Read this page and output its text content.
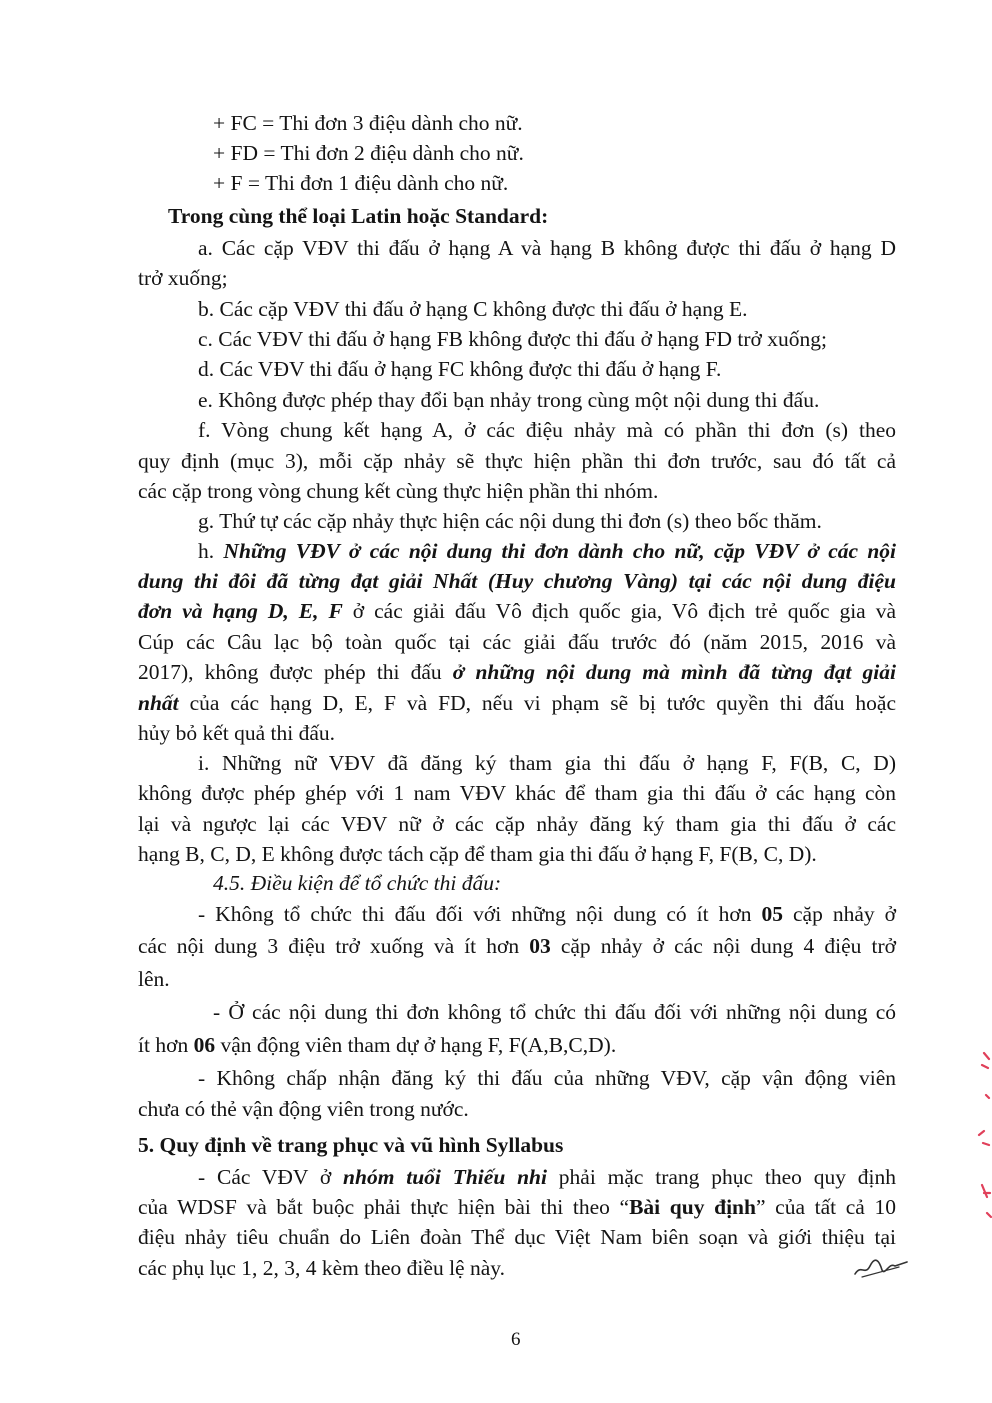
+ FC = Thi đơn 3 điệu dành cho nữ.

+ FD = Thi đơn 2 điệu dành cho nữ.

+ F = Thi đơn 1 điệu dành cho nữ.

Trong cùng thể loại Latin hoặc Standard:

a. Các cặp VĐV thi đấu ở hạng A và hạng B không được thi đấu ở hạng D

trở xuống;

b. Các cặp VĐV thi đấu ở hạng C không được thi đấu ở hạng E.

c. Các VĐV thi đấu ở hạng FB không được thi đấu ở hạng FD trở xuống;

d. Các VĐV thi đấu ở hạng FC không được thi đấu ở hạng F.

e. Không được phép thay đổi bạn nhảy trong cùng một nội dung thi đấu.

f. Vòng chung kết hạng A, ở các điệu nhảy mà có phần thi đơn (s) theo

quy định (mục 3), mỗi cặp nhảy sẽ thực hiện phần thi đơn trước, sau đó tất cả

các cặp trong vòng chung kết cùng thực hiện phần thi nhóm.

g. Thứ tự các cặp nhảy thực hiện các nội dung thi đơn (s) theo bốc thăm.

h. Những VĐV ở các nội dung thi đơn dành cho nữ, cặp VĐV ở các nội

dung thi đôi đã từng đạt giải Nhất (Huy chương Vàng) tại các nội dung điệu

đơn và hạng D, E, F ở các giải đấu Vô địch quốc gia, Vô địch trẻ quốc gia và

Cúp các Câu lạc bộ toàn quốc tại các giải đấu trước đó (năm 2015, 2016 và

2017), không được phép thi đấu ở những nội dung mà mình đã từng đạt giải

nhất của các hạng D, E, F và FD, nếu vi phạm sẽ bị tước quyền thi đấu hoặc

hủy bỏ kết quả thi đấu.

i. Những nữ VĐV đã đăng ký tham gia thi đấu ở hạng F, F(B, C, D)

không được phép ghép với 1 nam VĐV khác để tham gia thi đấu ở các hạng còn

lại và ngược lại các VĐV nữ ở các cặp nhảy đăng ký tham gia thi đấu ở các

hạng B, C, D, E không được tách cặp để tham gia thi đấu ở hạng F, F(B, C, D).

4.5. Điều kiện để tổ chức thi đấu:

- Không tổ chức thi đấu đối với những nội dung có ít hơn 05 cặp nhảy ở

các nội dung 3 điệu trở xuống và ít hơn 03 cặp nhảy ở các nội dung 4 điệu trở

lên.

- Ở các nội dung thi đơn không tổ chức thi đấu đối với những nội dung có

ít hơn 06 vận động viên tham dự ở hạng F, F(A,B,C,D).

- Không chấp nhận đăng ký thi đấu của những VĐV, cặp vận động viên

chưa có thẻ vận động viên trong nước.

5. Quy định về trang phục và vũ hình Syllabus

- Các VĐV ở nhóm tuổi Thiếu nhi phải mặc trang phục theo quy định

của WDSF và bắt buộc phải thực hiện bài thi theo “Bài quy định” của tất cả 10

điệu nhảy tiêu chuẩn do Liên đoàn Thể dục Việt Nam biên soạn và giới thiệu tại

các phụ lục 1, 2, 3, 4 kèm theo điều lệ này.

6
